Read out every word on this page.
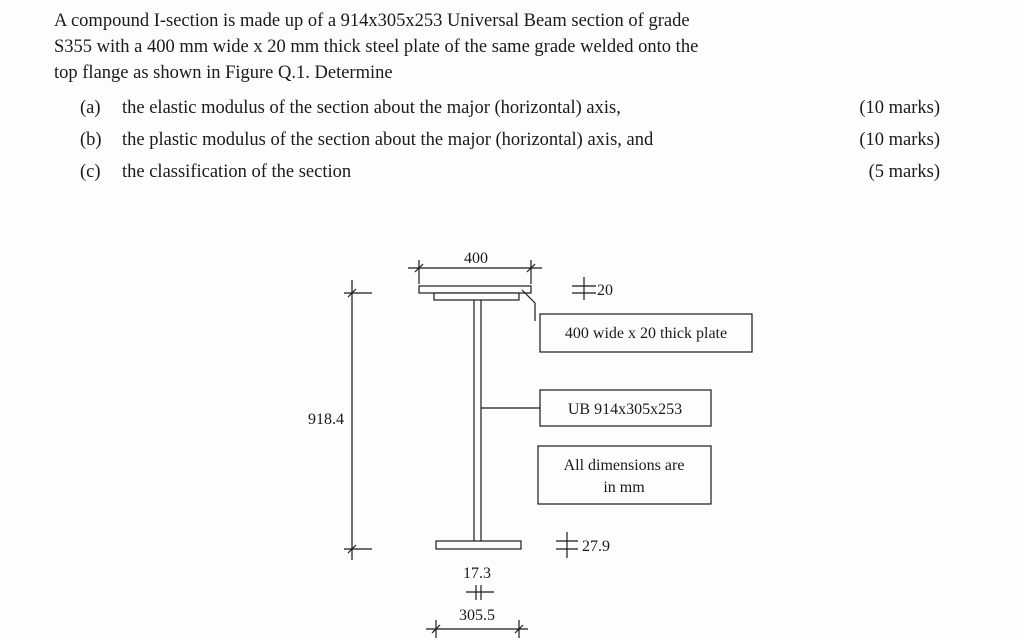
A compound I-section is made up of a 914x305x253 Universal Beam section of grade
S355 with a 400 mm wide x 20 mm thick steel plate of the same grade welded onto the
top flange as shown in Figure Q.1. Determine
(a) the elastic modulus of the section about the major (horizontal) axis,	(10 marks)
(b) the plastic modulus of the section about the major (horizontal) axis, and	(10 marks)
(c) the classification of the section	(5 marks)
400
20
918.4
27.9
17.3
305.5
400 wide x 20 thick plate
UB 914x305x253
All dimensions are
in mm
